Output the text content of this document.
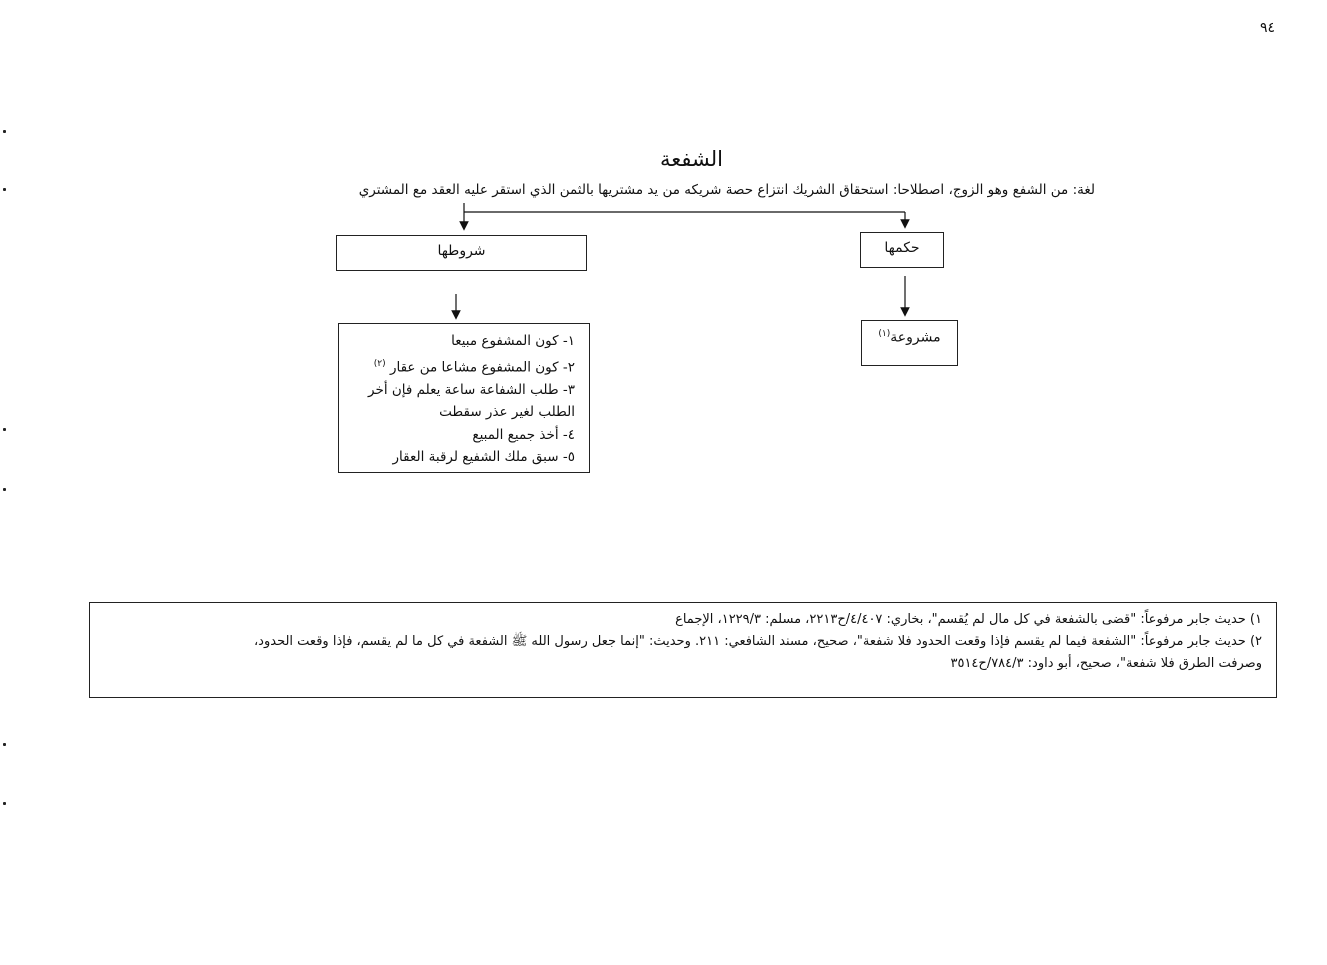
٩٤
الشفعة
لغة: من الشفع وهو الزوج، اصطلاحا: استحقاق الشريك انتزاع حصة شريكه من يد مشتريها بالثمن الذي استقر عليه العقد مع المشتري
شروطها	حكمها
مشروعة$^{(١)}$
١- كون المشفوع مبيعا
٢- كون المشفوع مشاعا من عقار $^{(٢)}$
٣- طلب الشفاعة ساعة يعلم فإن أخر
الطلب لغير عذر سقطت
٤- أخذ جميع المبيع
٥- سبق ملك الشفيع لرقبة العقار
١) حديث جابر مرفوعاً: "قضى بالشفعة في كل مال لم يُقسم"، بخاري: ٤/٤٠٧/ح٢٢١٣، مسلم: ١٢٢٩/٣، الإجماع
٢) حديث جابر مرفوعاً: "الشفعة فيما لم يقسم فإذا وقعت الحدود فلا شفعة"، صحيح، مسند الشافعي: ٢١١. وحديث: "إنما جعل رسول الله ﷺ الشفعة في كل ما لم يقسم، فإذا وقعت الحدود،
وصرفت الطرق فلا شفعة"، صحيح، أبو داود: ٧٨٤/٣/ح٣٥١٤
